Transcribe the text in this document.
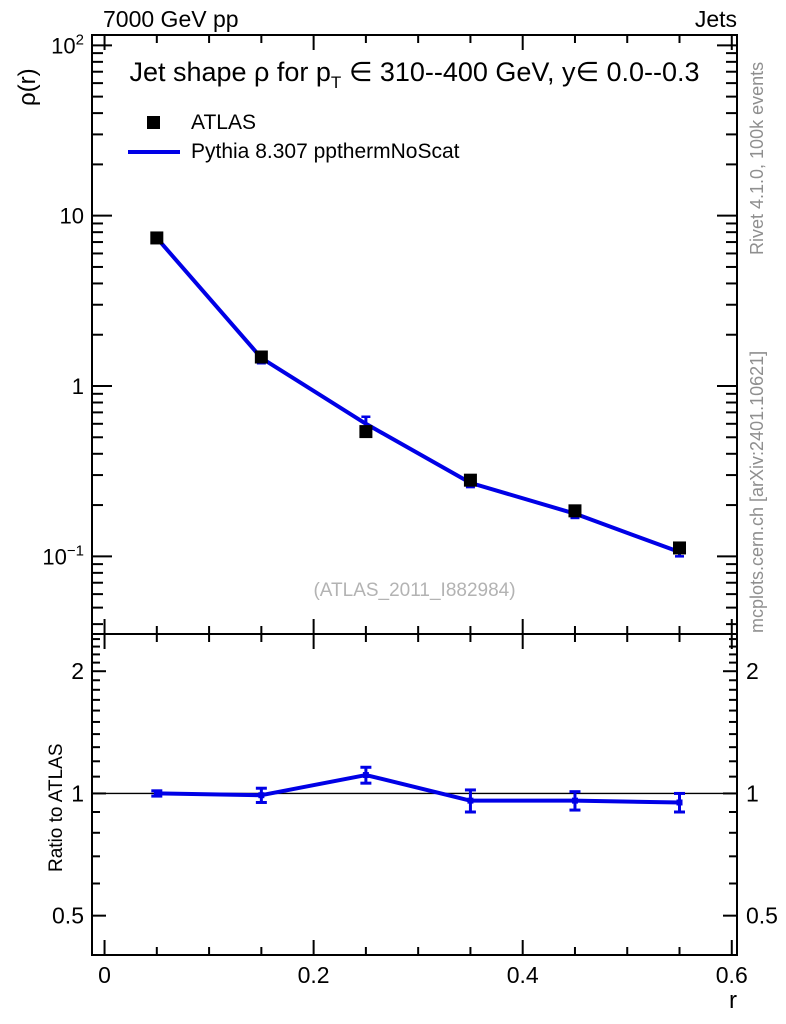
0	0.2	0.4	0.6
r
$10^2$
10
1
$10^{-1}$
0.5	0.5
1	1
2	2
7000 GeV pp	Jets
ρ(r)	Jet shape ρ for $p_T$ ∈ 310--400 GeV, y∈ 0.0--0.3
ATLAS
Pythia 8.307 ppthermNoScat
(ATLAS_2011_I882984)
Rivet 4.1.0, 100k events
mcplots.cern.ch [arXiv:2401.10621]
Ratio to ATLAS
